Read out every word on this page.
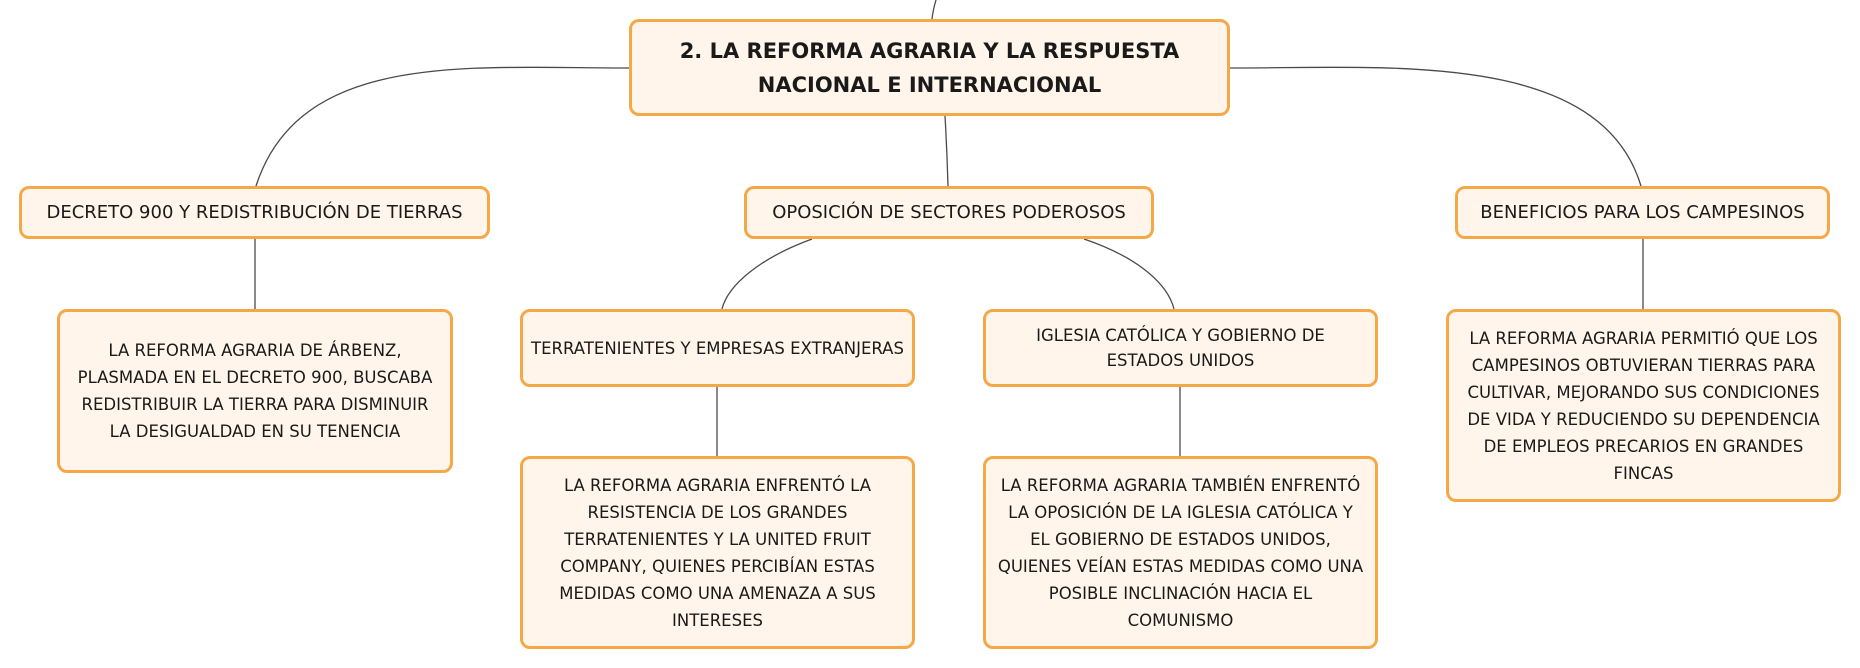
2. LA REFORMA AGRARIA Y LA RESPUESTA NACIONAL E INTERNACIONAL
DECRETO 900 Y REDISTRIBUCIÓN DE TIERRAS	OPOSICIÓN DE SECTORES PODEROSOS	BENEFICIOS PARA LOS CAMPESINOS
LA REFORMA AGRARIA DE ÁRBENZ, PLASMADA EN EL DECRETO 900, BUSCABA REDISTRIBUIR LA TIERRA PARA DISMINUIR LA DESIGUALDAD EN SU TENENCIA
TERRATENIENTES Y EMPRESAS EXTRANJERAS
IGLESIA CATÓLICA Y GOBIERNO DE ESTADOS UNIDOS
LA REFORMA AGRARIA ENFRENTÓ LA RESISTENCIA DE LOS GRANDES TERRATENIENTES Y LA UNITED FRUIT COMPANY, QUIENES PERCIBÍAN ESTAS MEDIDAS COMO UNA AMENAZA A SUS INTERESES
LA REFORMA AGRARIA TAMBIÉN ENFRENTÓ LA OPOSICIÓN DE LA IGLESIA CATÓLICA Y EL GOBIERNO DE ESTADOS UNIDOS, QUIENES VEÍAN ESTAS MEDIDAS COMO UNA POSIBLE INCLINACIÓN HACIA EL COMUNISMO
LA REFORMA AGRARIA PERMITIÓ QUE LOS CAMPESINOS OBTUVIERAN TIERRAS PARA CULTIVAR, MEJORANDO SUS CONDICIONES DE VIDA Y REDUCIENDO SU DEPENDENCIA DE EMPLEOS PRECARIOS EN GRANDES FINCAS
